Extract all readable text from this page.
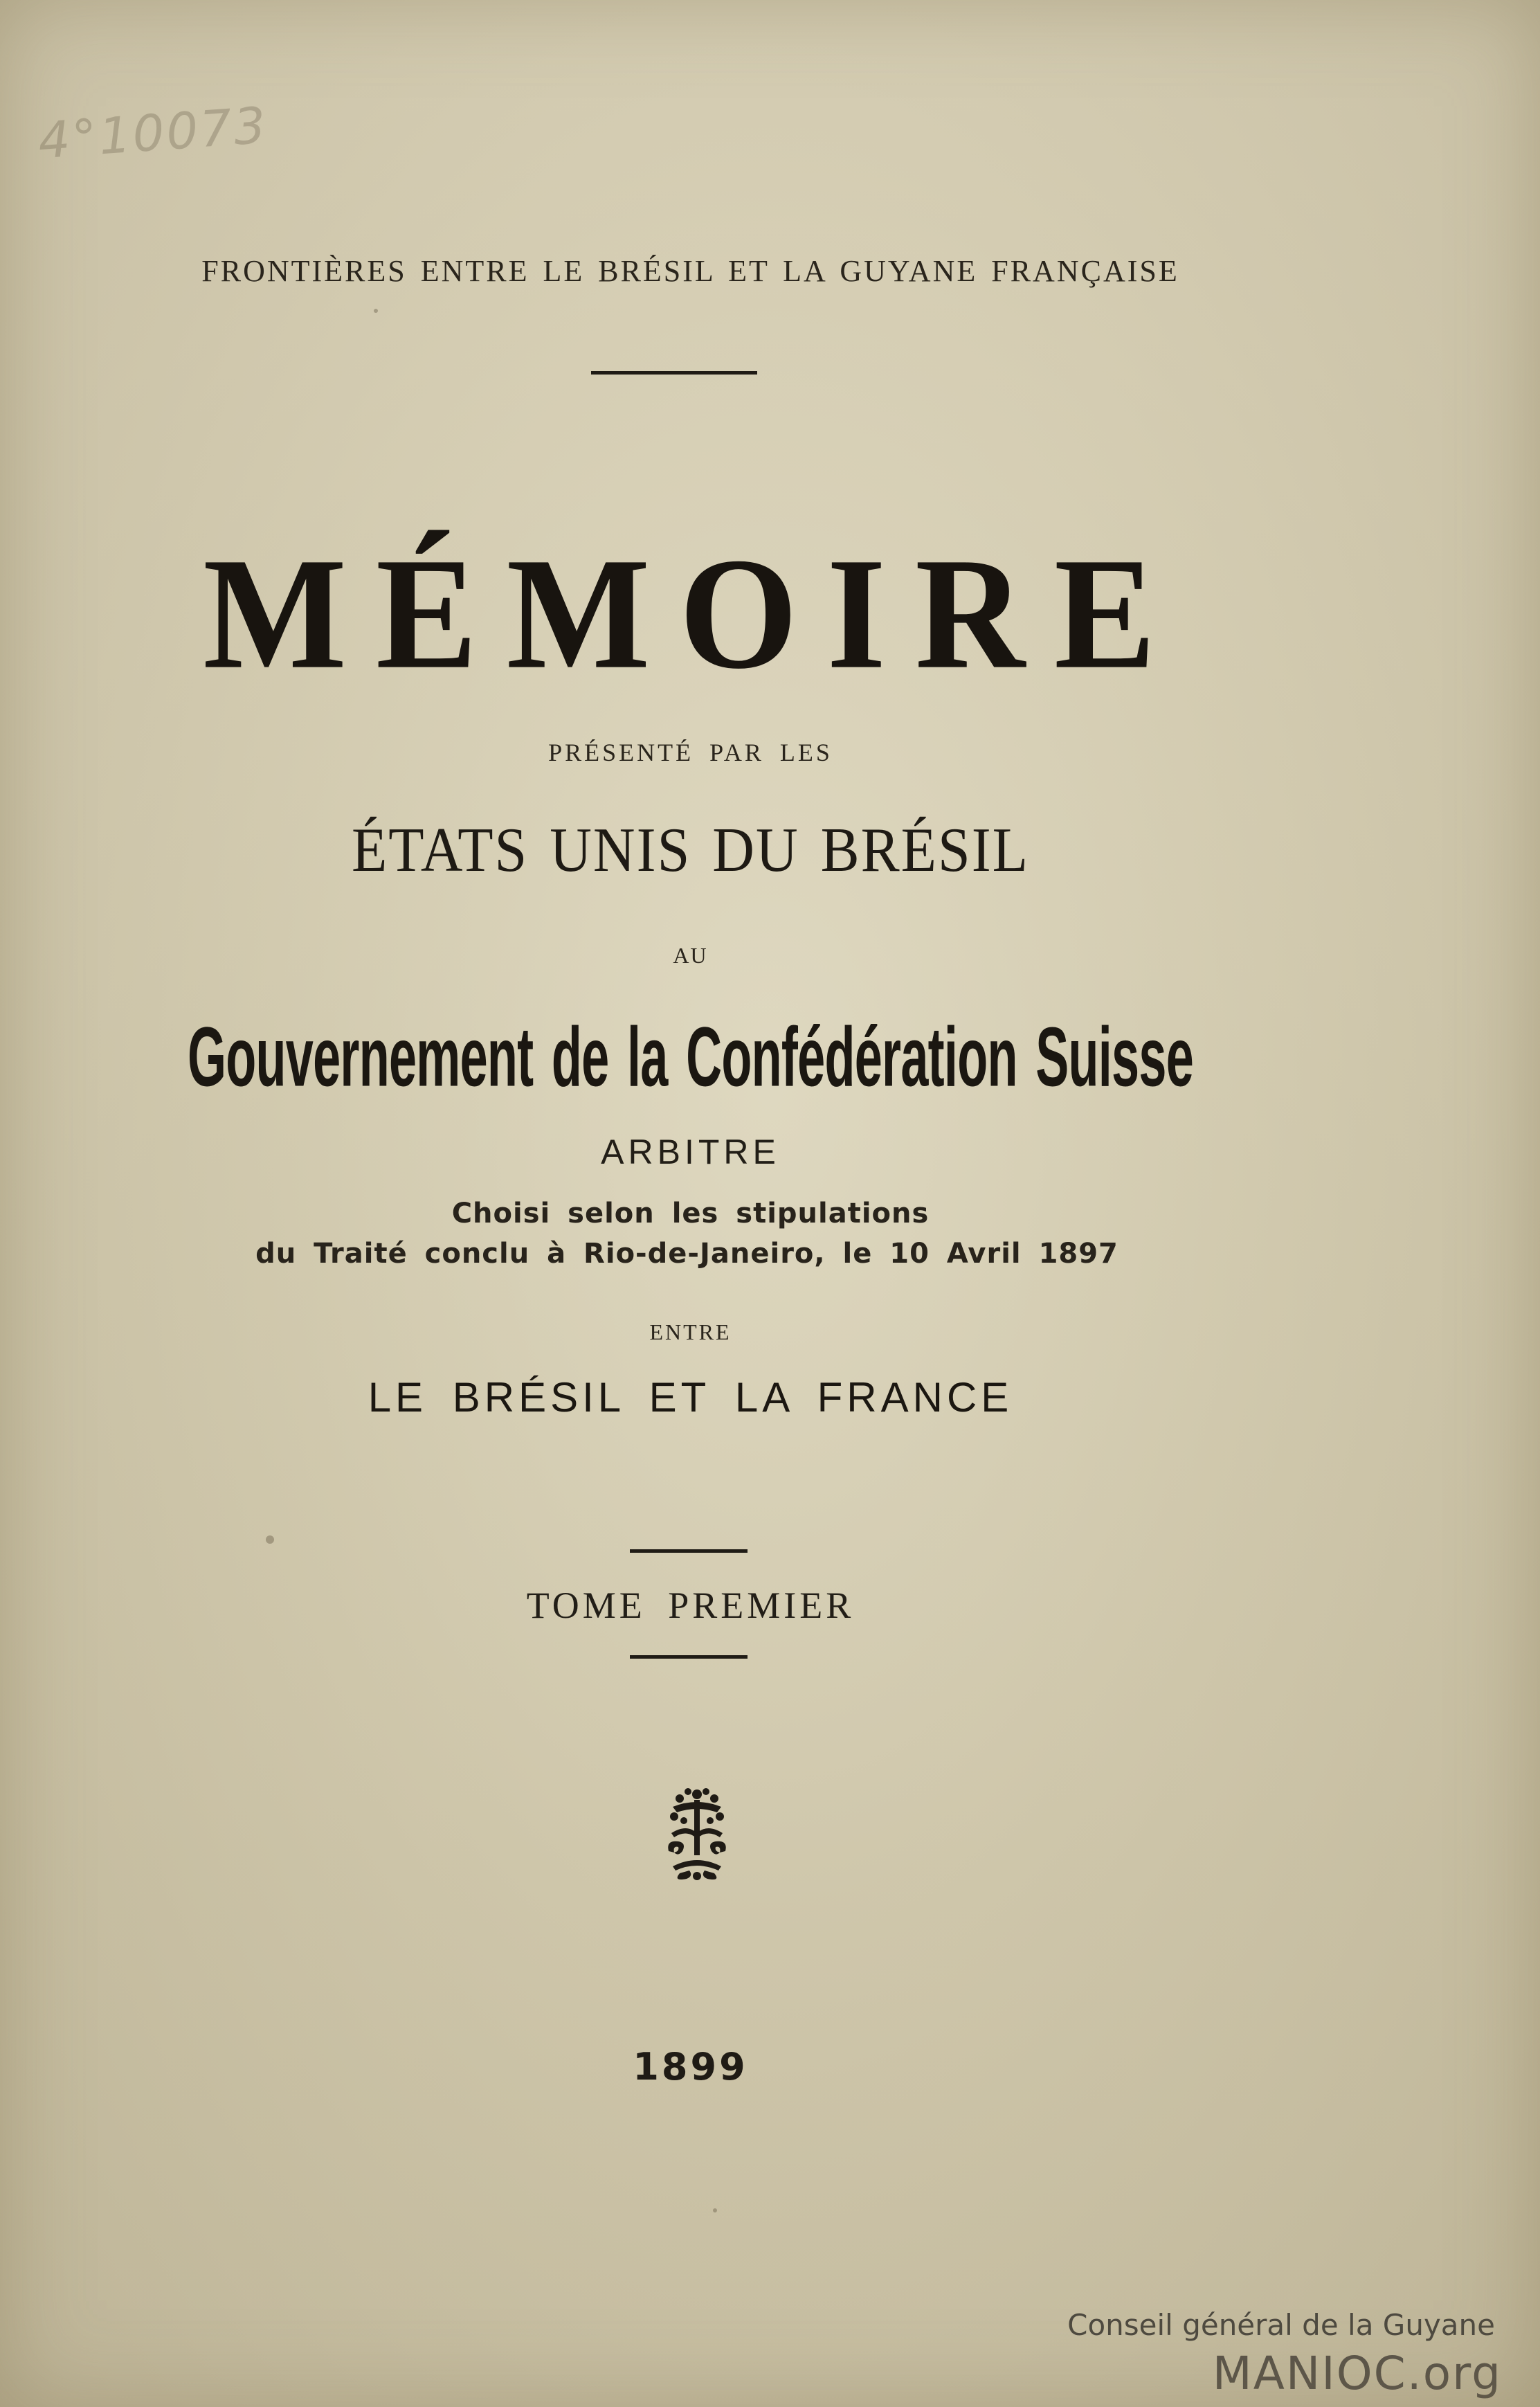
4°10073
FRONTIÈRES ENTRE LE BRÉSIL ET LA GUYANE FRANÇAISE
MÉMOIRE
PRÉSENTÉ PAR LES
ÉTATS UNIS DU BRÉSIL
AU
Gouvernement de la Confédération Suisse
ARBITRE
Choisi selon les stipulations
du Traité conclu à Rio-de-Janeiro, le 10 Avril 1897
ENTRE
LE BRÉSIL ET LA FRANCE
TOME PREMIER
1899
Conseil général de la Guyane
MANIOC.org
